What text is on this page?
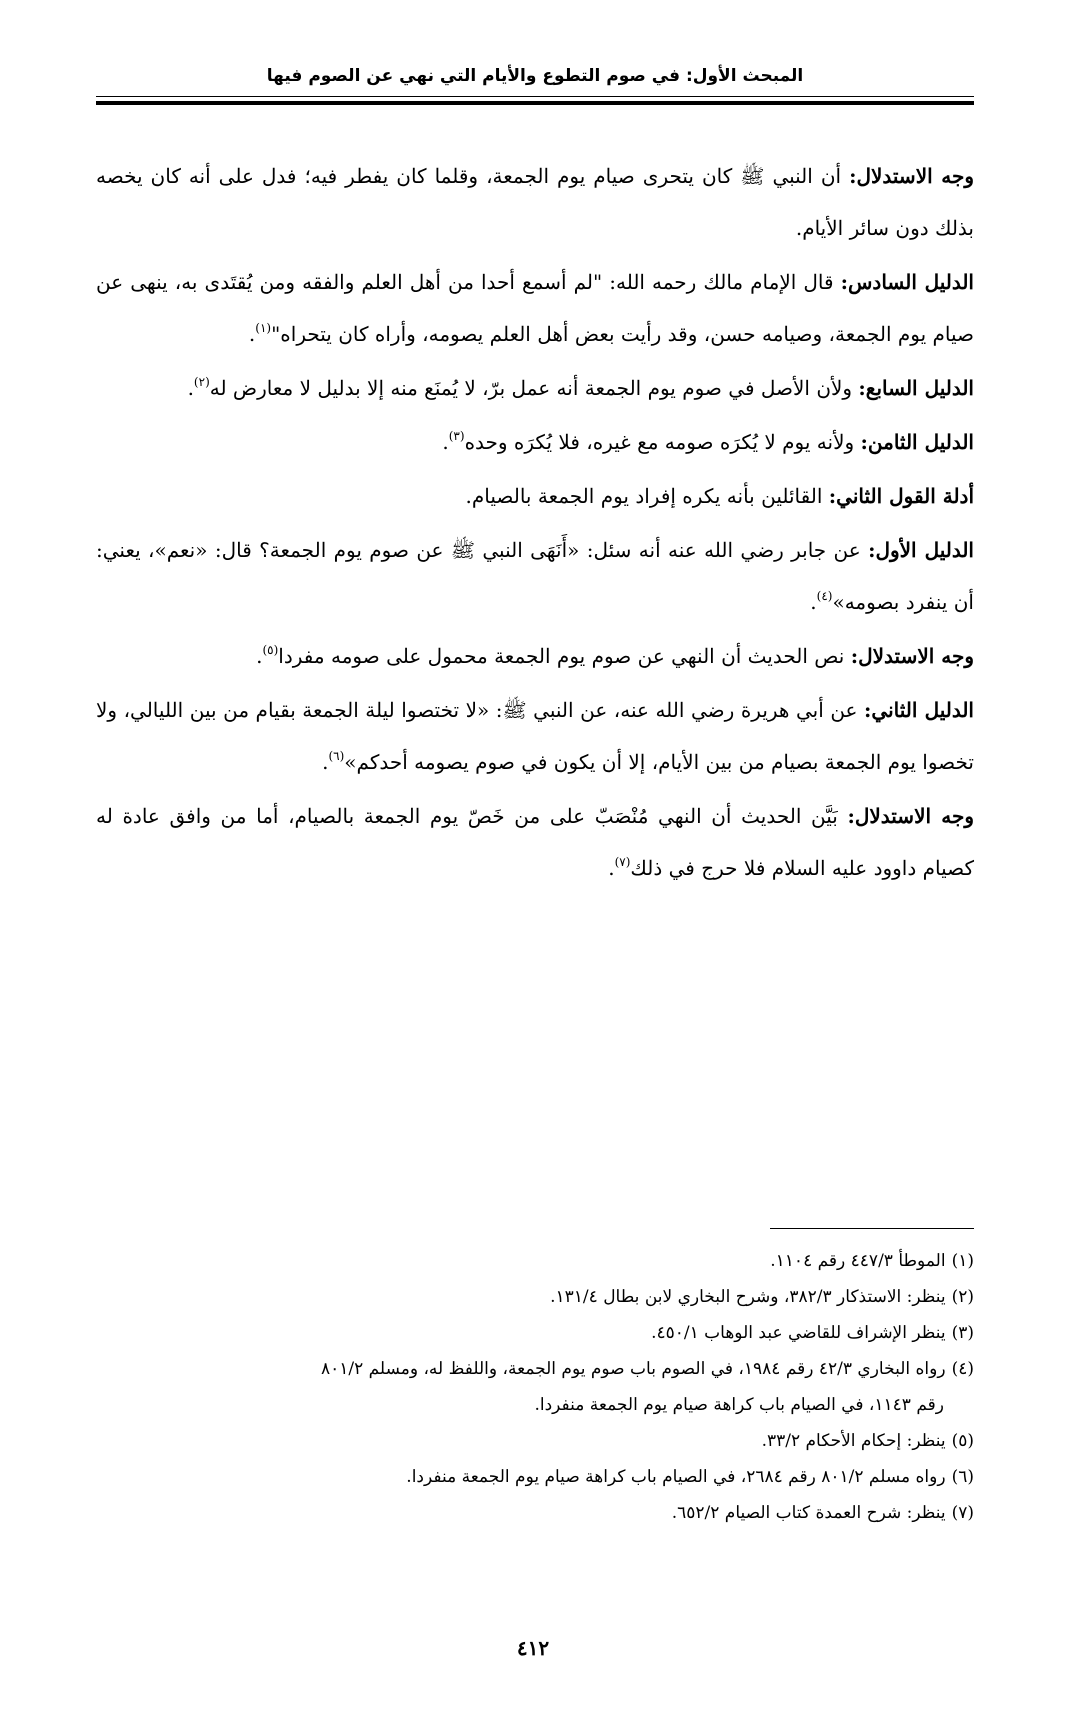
المبحث الأول: في صوم التطوع والأيام التي نهي عن الصوم فيها

وجه الاستدلال: أن النبي ﷺ كان يتحرى صيام يوم الجمعة، وقلما كان يفطر فيه؛ فدل على أنه كان يخصه بذلك دون سائر الأيام.

الدليل السادس: قال الإمام مالك رحمه الله: "لم أسمع أحدا من أهل العلم والفقه ومن يُقتَدى به، ينهى عن صيام يوم الجمعة، وصيامه حسن، وقد رأيت بعض أهل العلم يصومه، وأراه كان يتحراه"$^{(١)}$.

الدليل السابع: ولأن الأصل في صوم يوم الجمعة أنه عمل برّ، لا يُمنَع منه إلا بدليل لا معارض له$^{(٢)}$.

الدليل الثامن: ولأنه يوم لا يُكرَه صومه مع غيره، فلا يُكرَه وحده$^{(٣)}$.

أدلة القول الثاني: القائلين بأنه يكره إفراد يوم الجمعة بالصيام.

الدليل الأول: عن جابر رضي الله عنه أنه سئل: «أَنَهَى النبي ﷺ عن صوم يوم الجمعة؟ قال: «نعم»، يعني: أن ينفرد بصومه»$^{(٤)}$.

وجه الاستدلال: نص الحديث أن النهي عن صوم يوم الجمعة محمول على صومه مفردا$^{(٥)}$.

الدليل الثاني: عن أبي هريرة رضي الله عنه، عن النبي ﷺ: «لا تختصوا ليلة الجمعة بقيام من بين الليالي، ولا تخصوا يوم الجمعة بصيام من بين الأيام، إلا أن يكون في صوم يصومه أحدكم»$^{(٦)}$.

وجه الاستدلال: بَيَّن الحديث أن النهي مُنْصَبّ على من خَصّ يوم الجمعة بالصيام، أما من وافق عادة له كصيام داوود عليه السلام فلا حرج في ذلك$^{(٧)}$.

(١)الموطأ ٤٤٧/٣ رقم ١١٠٤.

(٢)ينظر: الاستذكار ٣٨٢/٣، وشرح البخاري لابن بطال ١٣١/٤.

(٣)ينظر الإشراف للقاضي عبد الوهاب ٤٥٠/١.

(٤)رواه البخاري ٤٢/٣ رقم ١٩٨٤، في الصوم باب صوم يوم الجمعة، واللفظ له، ومسلم ٨٠١/٢
رقم ١١٤٣، في الصيام باب كراهة صيام يوم الجمعة منفردا.

(٥)ينظر: إحكام الأحكام ٣٣/٢.

(٦)رواه مسلم ٨٠١/٢ رقم ٢٦٨٤، في الصيام باب كراهة صيام يوم الجمعة منفردا.

(٧)ينظر: شرح العمدة كتاب الصيام ٦٥٢/٢.

٤١٢
